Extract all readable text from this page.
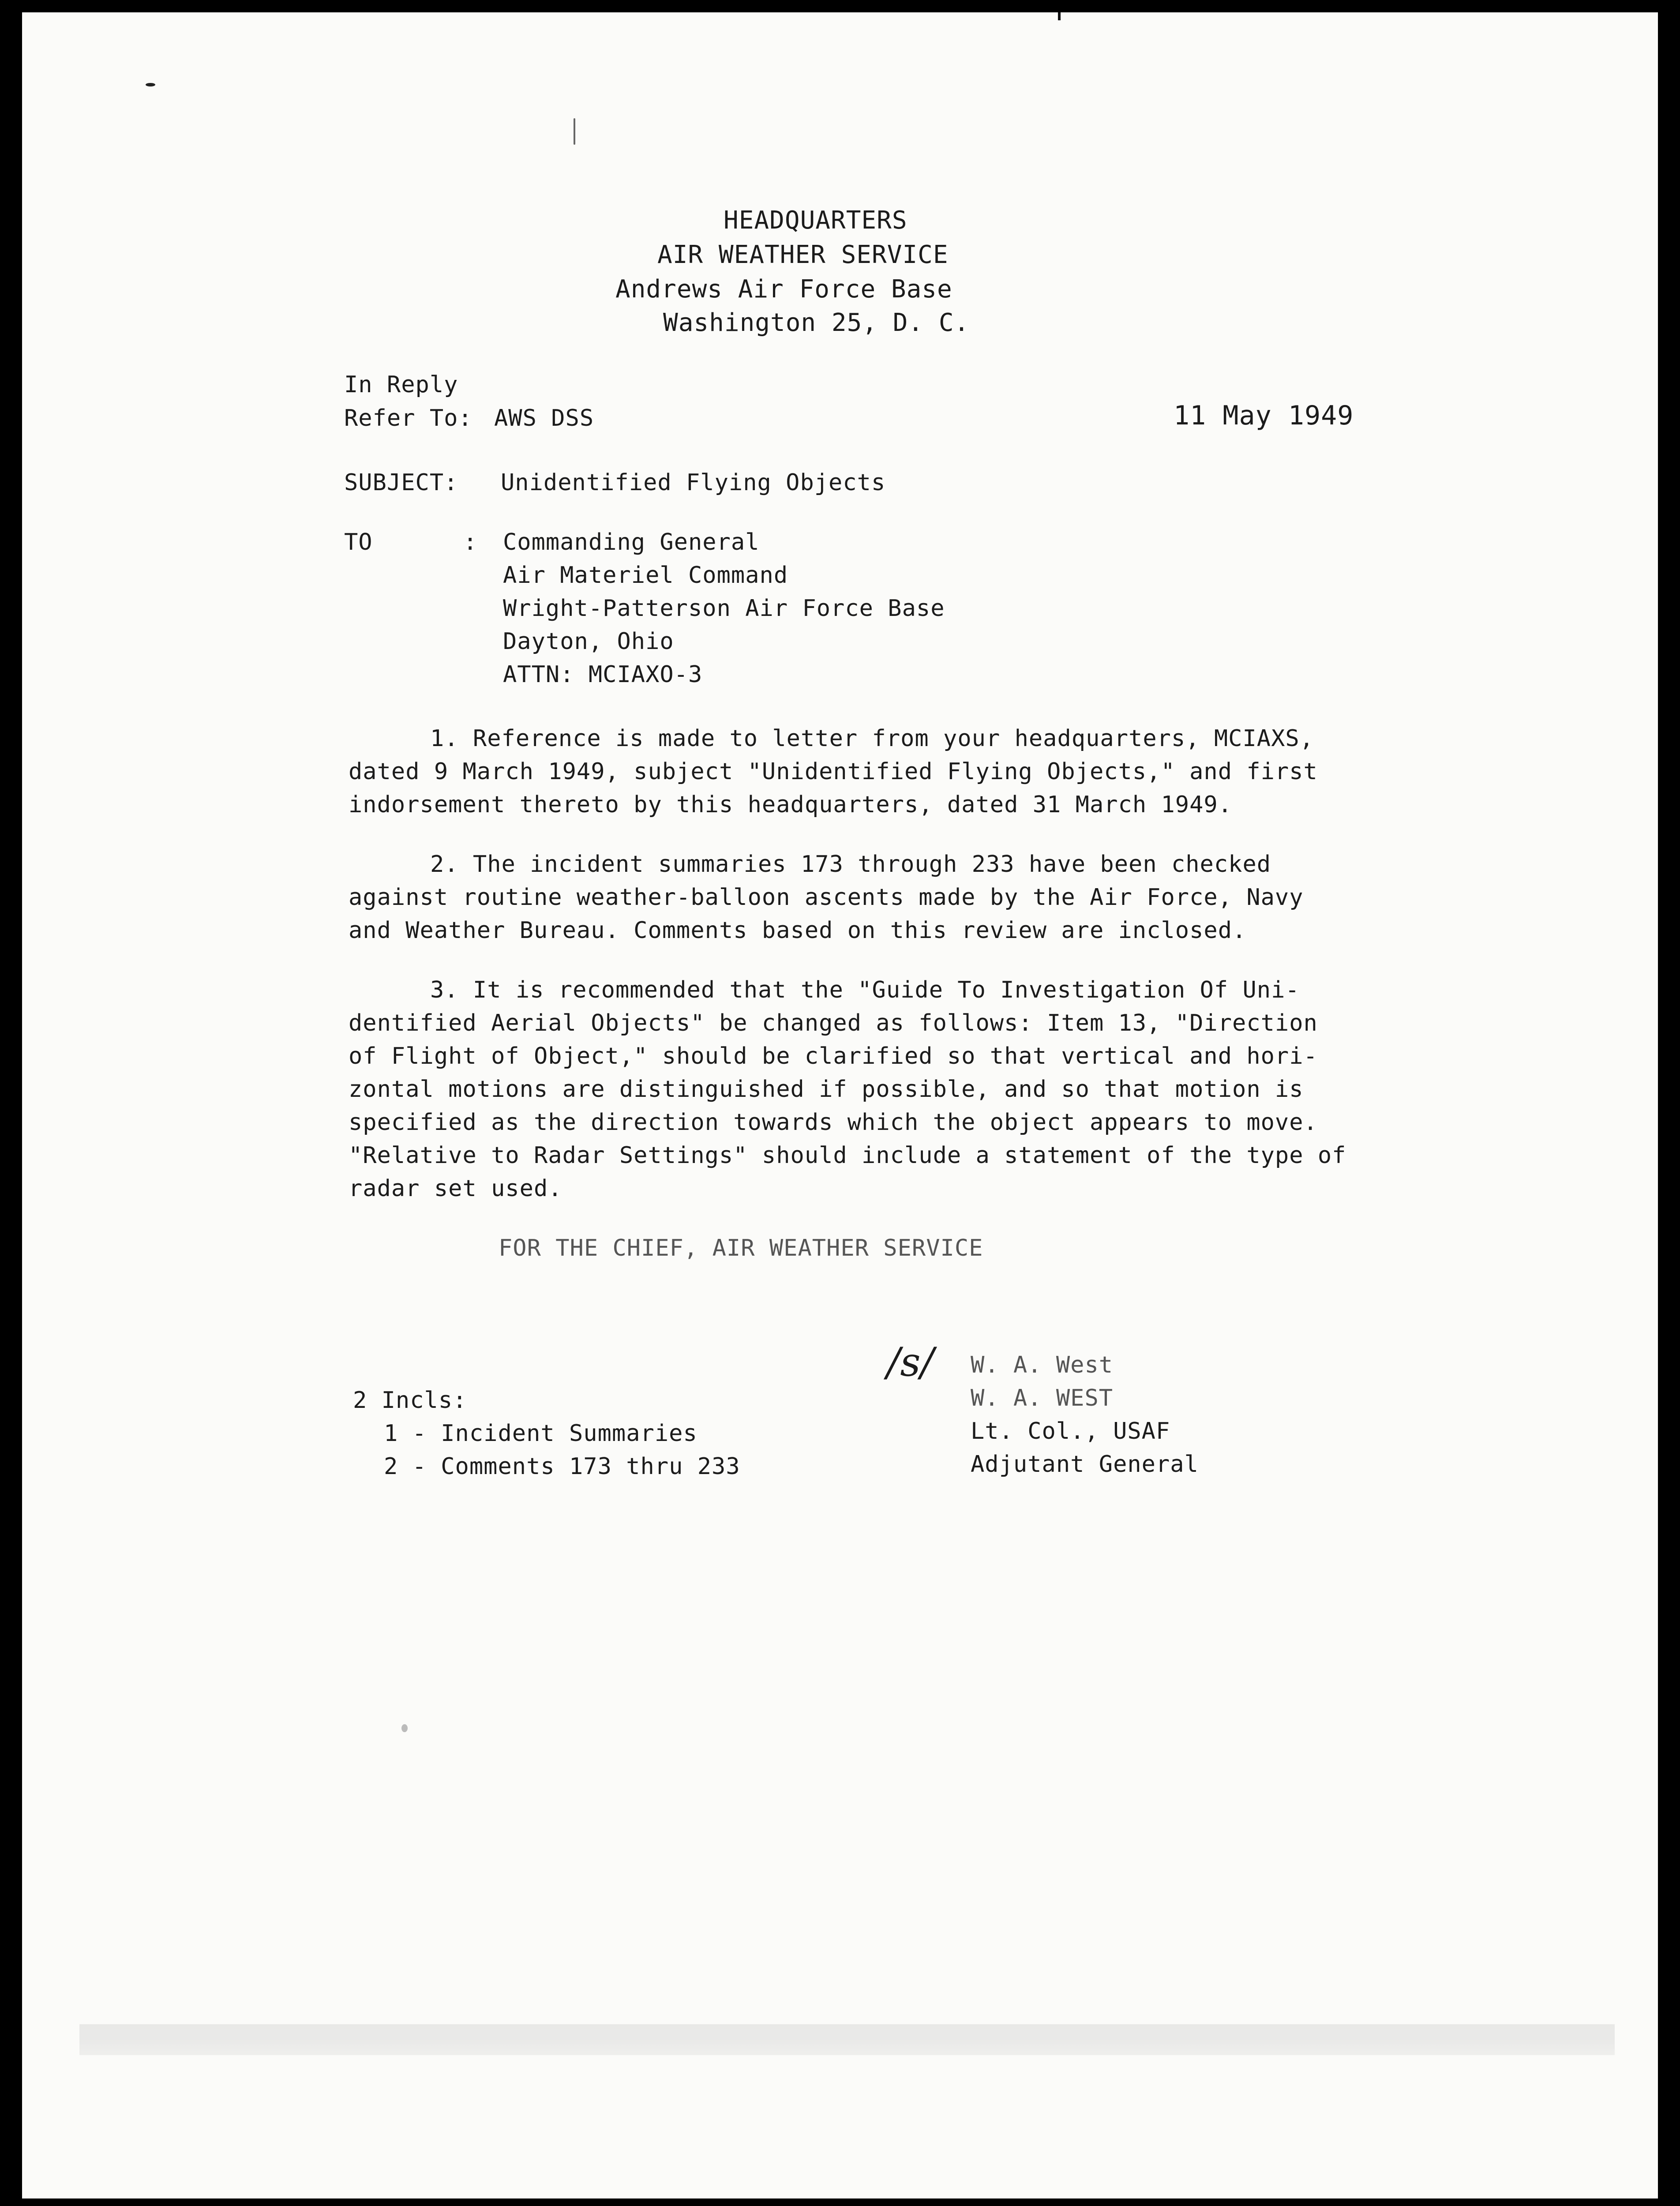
HEADQUARTERS
AIR WEATHER SERVICE
Andrews Air Force Base
Washington 25, D. C.
In Reply
Refer To: AWS DSS	11 May 1949
SUBJECT: Unidentified Flying Objects
TO	: Commanding General
Air Materiel Command
Wright-Patterson Air Force Base
Dayton, Ohio
ATTN: MCIAXO-3
1. Reference is made to letter from your headquarters, MCIAXS,
dated 9 March 1949, subject "Unidentified Flying Objects," and first
indorsement thereto by this headquarters, dated 31 March 1949.
2. The incident summaries 173 through 233 have been checked
against routine weather-balloon ascents made by the Air Force, Navy
and Weather Bureau. Comments based on this review are inclosed.
3. It is recommended that the "Guide To Investigation Of Uni-
dentified Aerial Objects" be changed as follows: Item 13, "Direction
of Flight of Object," should be clarified so that vertical and hori-
zontal motions are distinguished if possible, and so that motion is
specified as the direction towards which the object appears to move.
"Relative to Radar Settings" should include a statement of the type of
radar set used.
FOR THE CHIEF, AIR WEATHER SERVICE
/s/ W. A. West
W. A. WEST
Lt. Col., USAF
Adjutant General
2 Incls:
1 - Incident Summaries
2 - Comments 173 thru 233
